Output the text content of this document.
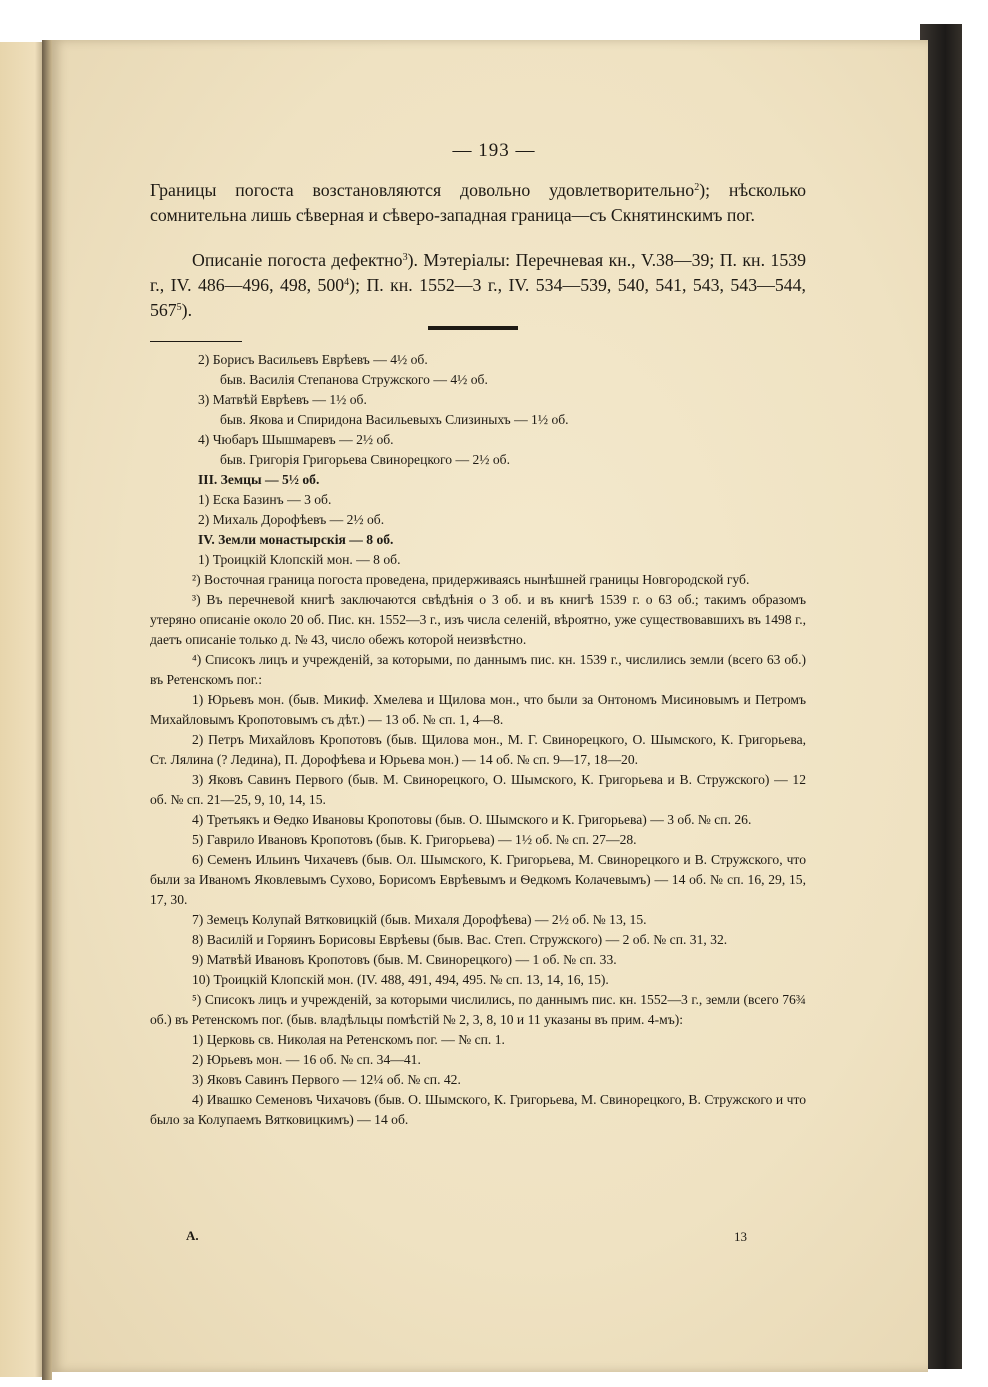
— 193 —

Границы погоста возстановляются довольно удовлетворительно$^2$); нѣсколько сомнительна лишь сѣверная и сѣверо-западная граница—съ Скнятинскимъ пог.

Описаніе погоста дефектно$^3$). Мэтеріалы: Перечневая кн., V.38—39; П. кн. 1539 г., IV. 486—496, 498, $500^4$); П. кн. 1552—3 г., IV. 534—539, 540, 541, 543, 543—544, $567^5$).

2) Борисъ Васильевъ Еврѣевъ — 4½ об.

быв. Василія Степанова Стружского — 4½ об.

3) Матвѣй Еврѣевъ — 1½ об.

быв. Якова и Спиридона Васильевыхъ Слизиныхъ — 1½ об.

4) Чюбаръ Шышмаревъ — 2½ об.

быв. Григорія Григорьева Свинорецкого — 2½ об.

III. Земцы — 5½ об.

1) Еска Базинъ — 3 об.

2) Михаль Дорофѣевъ — 2½ об.

IV. Земли монастырскія — 8 об.

1) Троицкій Клопскій мон. — 8 об.

²) Восточная граница погоста проведена, придерживаясь нынѣшней границы Новгородской губ.

³) Въ перечневой книгѣ заключаются свѣдѣнія о 3 об. и въ книгѣ 1539 г. о 63 об.; такимъ образомъ утеряно описаніе около 20 об. Пис. кн. 1552—3 г., изъ числа селеній, вѣроятно, уже существовавшихъ въ 1498 г., даетъ описаніе только д. № 43, число обежъ которой неизвѣстно.

⁴) Списокъ лицъ и учрежденій, за которыми, по даннымъ пис. кн. 1539 г., числились земли (всего 63 об.) въ Ретенскомъ пог.:

1) Юрьевъ мон. (быв. Микиф. Хмелева и Щилова мон., что были за Онтономъ Мисиновымъ и Петромъ Михайловымъ Кропотовымъ съ дѣт.) — 13 об. № сп. 1, 4—8.

2) Петръ Михайловъ Кропотовъ (быв. Щилова мон., М. Г. Свинорецкого, О. Шымского, К. Григорьева, Ст. Лялина (? Ледина), П. Дорофѣева и Юрьева мон.) — 14 об. № сп. 9—17, 18—20.

3) Яковъ Савинъ Первого (быв. М. Свинорецкого, О. Шымского, К. Григорьева и В. Стружского) — 12 об. № сп. 21—25, 9, 10, 14, 15.

4) Третьякъ и Ѳедко Ивановы Кропотовы (быв. О. Шымского и К. Григорьева) — 3 об. № сп. 26.

5) Гаврило Ивановъ Кропотовъ (быв. К. Григорьева) — 1½ об. № сп. 27—28.

6) Семенъ Ильинъ Чихачевъ (быв. Ол. Шымского, К. Григорьева, М. Свинорецкого и В. Стружского, что были за Иваномъ Яковлевымъ Сухово, Борисомъ Еврѣевымъ и Ѳедкомъ Колачевымъ) — 14 об. № сп. 16, 29, 15, 17, 30.

7) Земецъ Колупай Вятковицкій (быв. Михаля Дорофѣева) — 2½ об. № 13, 15.

8) Василій и Горяинъ Борисовы Еврѣевы (быв. Вас. Степ. Стружского) — 2 об. № сп. 31, 32.

9) Матвѣй Ивановъ Кропотовъ (быв. М. Свинорецкого) — 1 об. № сп. 33.

10) Троицкій Клопскій мон. (IV. 488, 491, 494, 495. № сп. 13, 14, 16, 15).

⁵) Списокъ лицъ и учрежденій, за которыми числились, по даннымъ пис. кн. 1552—3 г., земли (всего 76¾ об.) въ Ретенскомъ пог. (быв. владѣльцы помѣстій № 2, 3, 8, 10 и 11 указаны въ прим. 4-мъ):

1) Церковь св. Николая на Ретенскомъ пог. — № сп. 1.

2) Юрьевъ мон. — 16 об. № сп. 34—41.

3) Яковъ Савинъ Первого — 12¼ об. № сп. 42.

4) Ивашко Семеновъ Чихачовъ (быв. О. Шымского, К. Григорьева, М. Свинорецкого, В. Стружского и что было за Колупаемъ Вятковицкимъ) — 14 об.

А.	13
